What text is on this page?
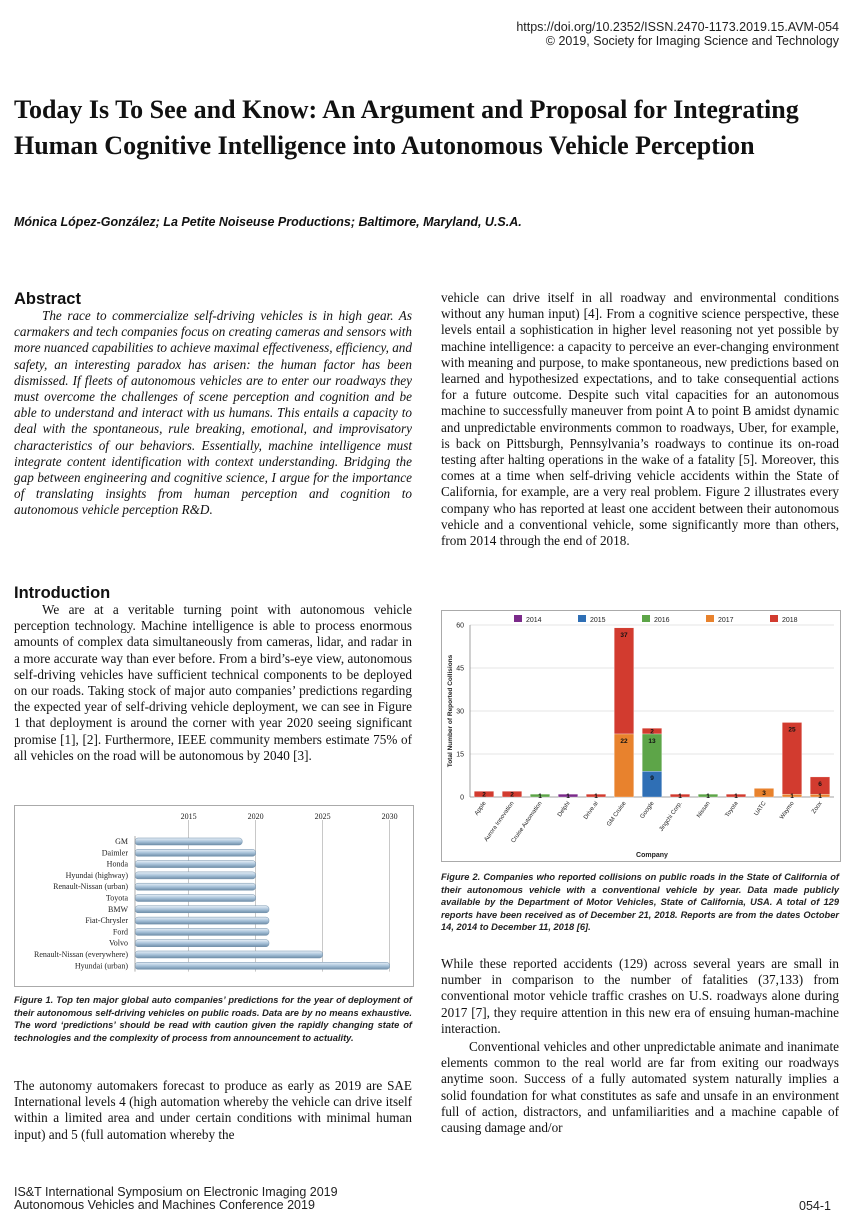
https://doi.org/10.2352/ISSN.2470-1173.2019.15.AVM-054
© 2019, Society for Imaging Science and Technology
Today Is To See and Know: An Argument and Proposal for Integrating Human Cognitive Intelligence into Autonomous Vehicle Perception
Mónica López-González; La Petite Noiseuse Productions; Baltimore, Maryland, U.S.A.
Abstract

The race to commercialize self-driving vehicles is in high gear. As carmakers and tech companies focus on creating cameras and sensors with more nuanced capabilities to achieve maximal effectiveness, efficiency, and safety, an interesting paradox has arisen: the human factor has been dismissed. If fleets of autonomous vehicles are to enter our roadways they must overcome the challenges of scene perception and cognition and be able to understand and interact with us humans. This entails a capacity to deal with the spontaneous, rule breaking, emotional, and improvisatory characteristics of our behaviors. Essentially, machine intelligence must integrate content identification with context understanding. Bridging the gap between engineering and cognitive science, I argue for the importance of translating insights from human perception and cognition to autonomous vehicle perception R&D.

Introduction

We are at a veritable turning point with autonomous vehicle perception technology. Machine intelligence is able to process enormous amounts of complex data simultaneously from cameras, lidar, and radar in a more accurate way than ever before. From a bird’s-eye view, autonomous self-driving vehicles have sufficient technical components to be deployed on our roads. Taking stock of major auto companies’ predictions regarding the expected year of self-driving vehicle deployment, we can see in Figure 1 that deployment is around the corner with year 2020 seeing significant promise [1], [2]. Furthermore, IEEE community members estimate 75% of all vehicles on the road will be autonomous by 2040 [3].

2015	2020	2025	2030
GM
Daimler
Honda
Hyundai (highway)
Renault-Nissan (urban)
Toyota
BMW
Fiat-Chrysler
Ford
Volvo
Renault-Nissan (everywhere)
Hyundai (urban)

Figure 1. Top ten major global auto companies’ predictions for the year of deployment of their autonomous self-driving vehicles on public roads. Data are by no means exhaustive. The word ‘predictions’ should be read with caution given the rapidly changing state of technologies and the complexity of process from announcement to actuality.

The autonomy automakers forecast to produce as early as 2019 are SAE International levels 4 (high automation whereby the vehicle can drive itself within a limited area and under certain conditions with minimal human input) and 5 (full automation whereby the

vehicle can drive itself in all roadway and environmental conditions without any human input) [4]. From a cognitive science perspective, these levels entail a sophistication in higher level reasoning not yet possible by machine intelligence: a capacity to perceive an ever-changing environment with meaning and purpose, to make spontaneous, new predictions based on learned and hypothesized expectations, and to take consequential actions for a future outcome. Despite such vital capacities for an autonomous machine to successfully maneuver from point A to point B amidst dynamic and unpredictable environments common to roadways, Uber, for example, is back on Pittsburgh, Pennsylvania’s roadways to continue its on-road testing after halting operations in the wake of a fatality [5]. Moreover, this comes at a time when self-driving vehicle accidents within the State of California, for example, are a very real problem. Figure 2 illustrates every company who has reported at least one accident between their autonomous vehicle and a conventional vehicle, some significantly more than others, from 2014 through the end of 2018.

2014	2015	2016	2017	2018
0
15
30
45
60
Total Number of Reported Collisions
Company
2
Apple
2
Aurora Innovation
1
Cruise Automation
1
Delphi
1
Drive.ai
22
37
GM Cruise
9
13
2
Google
1
Jingchi Corp.
1
Nissan
1
Toyota
3
UATC
1
25
Waymo
1
6
Zoox

Figure 2. Companies who reported collisions on public roads in the State of California of their autonomous vehicle with a conventional vehicle by year. Data made publicly available by the Department of Motor Vehicles, State of California, USA. A total of 129 reports have been received as of December 21, 2018. Reports are from the dates October 14, 2014 to December 11, 2018 [6].

While these reported accidents (129) across several years are small in number in comparison to the number of fatalities (37,133) from conventional motor vehicle traffic crashes on U.S. roadways alone during 2017 [7], they require attention in this new era of ensuing human-machine interaction.

Conventional vehicles and other unpredictable animate and inanimate elements common to the real world are far from exiting our roadways anytime soon. Success of a fully automated system naturally implies a solid foundation for what constitutes as safe and unsafe in an environment full of action, distractors, and unfamiliarities and a machine capable of causing damage and/or

IS&T International Symposium on Electronic Imaging 2019
Autonomous Vehicles and Machines Conference 2019	054-1
